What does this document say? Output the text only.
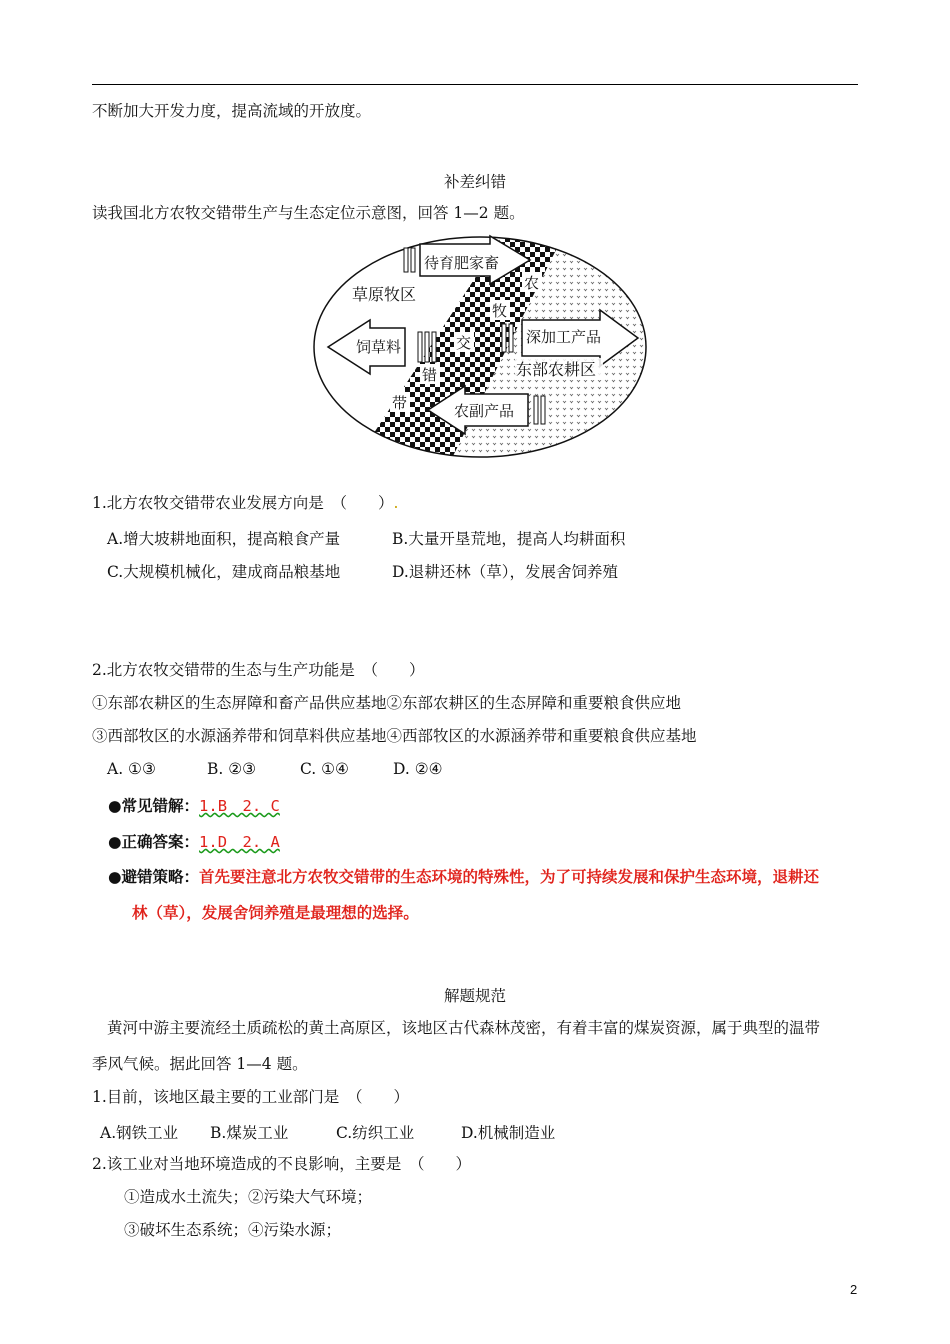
不断加大开发力度，提高流域的开放度。
补差纠错
读我国北方农牧交错带生产与生态定位示意图，回答 1—2 题。
待育肥家畜
饲草料
深加工产品
农副产品
草原牧区
东部农耕区
农
牧
交
错
带
1.北方农牧交错带农业发展方向是　（　　）.
A.增大坡耕地面积，提高粮食产量	B.大量开垦荒地，提高人均耕面积
C.大规模机械化，建成商品粮基地	D.退耕还林（草），发展舍饲养殖
2.北方农牧交错带的生态与生产功能是　（　　）
①东部农耕区的生态屏障和畜产品供应基地②东部农耕区的生态屏障和重要粮食供应地
③西部牧区的水源涵养带和饲草料供应基地④西部牧区的水源涵养带和重要粮食供应基地
A. ①③	B. ②③	C. ①④	D. ②④
●常见错解：1.B　2. C
●正确答案：1.D　2. A
●避错策略：首先要注意北方农牧交错带的生态环境的特殊性，为了可持续发展和保护生态环境，退耕还
林（草），发展舍饲养殖是最理想的选择。
解题规范
黄河中游主要流经土质疏松的黄土高原区，该地区古代森林茂密，有着丰富的煤炭资源，属于典型的温带
季风气候。据此回答 1—4 题。
1.目前，该地区最主要的工业部门是　（　　）
A.钢铁工业 B.煤炭工业	C.纺织工业	D.机械制造业
2.该工业对当地环境造成的不良影响，主要是　（　　）
①造成水土流失；②污染大气环境；
③破坏生态系统；④污染水源；
2
